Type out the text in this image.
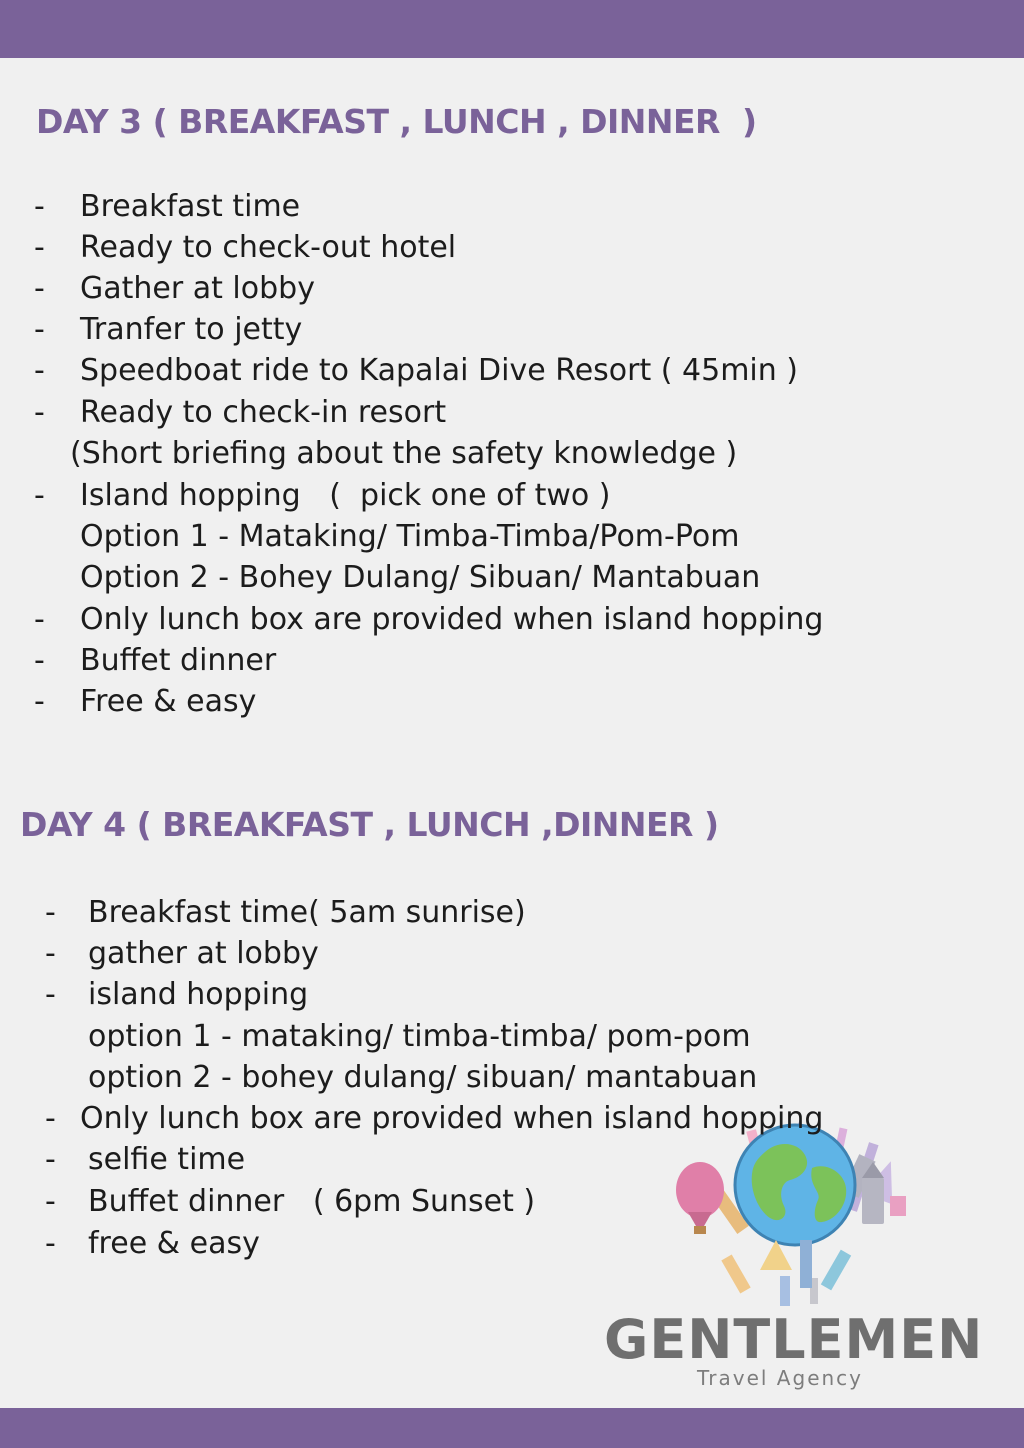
DAY 3 ( BREAKFAST , LUNCH , DINNER  )
- Breakfast time
- Ready to check-out hotel
- Gather at lobby
- Tranfer to jetty
- Speedboat ride to Kapalai Dive Resort ( 45min )
- Ready to check-in resort
(Short briefing about the safety knowledge )
- Island hopping   (  pick one of two )
Option 1 - Mataking/ Timba-Timba/Pom-Pom
Option 2 - Bohey Dulang/ Sibuan/ Mantabuan
- Only lunch box are provided when island hopping
- Buffet dinner
- Free & easy
DAY 4 ( BREAKFAST , LUNCH ,DINNER )
- Breakfast time( 5am sunrise)
- gather at lobby
- island hopping
option 1 - mataking/ timba-timba/ pom-pom
option 2 - bohey dulang/ sibuan/ mantabuan
- Only lunch box are provided when island hopping
- selfie time
- Buffet dinner   ( 6pm Sunset )
- free & easy
GENTLEMEN
Travel Agency
